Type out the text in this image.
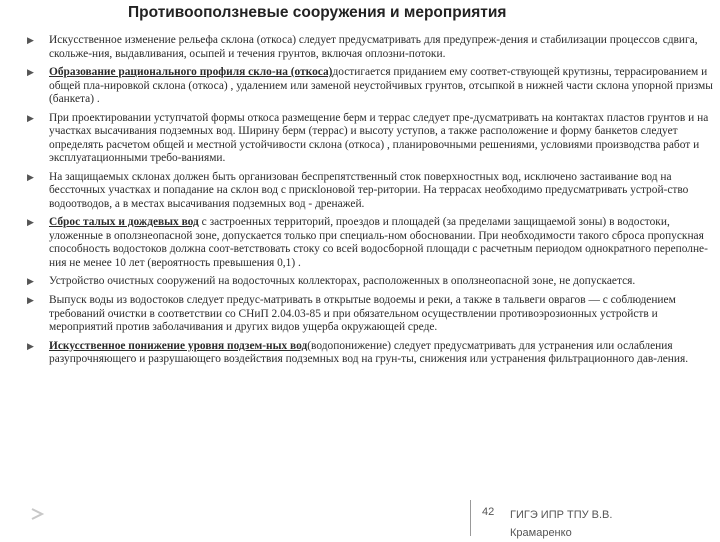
Противооползневые сооружения и мероприятия
▶	Искусственное изменение рельефа склона (откоса) следует предусматривать для предупреж-дения и стабилизации процессов сдвига, скольже-ния, выдавливания, осыпей и течения грунтов, включая оплозни-потоки.
▶	Образование рационального профиля скло-на (откоса)достигается приданием ему соответ-ствующей крутизны, террасированием и общей пла-нировкой склона (откоса) , удалением или заменой неустойчивых грунтов, отсыпкой в нижней части склона упорной призмы (банкета) .
▶	При проектировании уступчатой формы откоса размещение берм и террас следует пре-дусматривать на контактах пластов грунтов и на участках высачивания подземных вод. Ширину берм (террас) и высоту уступов, а также расположение и форму банкетов следует определять расчетом общей и местной устойчивости склона (откоса) , планировочными решениями, условиями производства работ и эксплуатационными требо-ваниями.
▶	На защищаемых склонах должен быть организован беспрепятственный сток поверхностных вод, исключено застаивание вод на бессточных участках и попадание на склон вод с прискloновой тер-ритории. На террасах необходимо предусматривать устрой-ство водоотводов, а в местах высачивания подземных вод - дренажей.
▶	Сброс талых и дождевых вод с застроенных территорий, проездов и площадей (за пределами защищаемой зоны) в водостоки, уложенные в оползнеопасной зоне, допускается только при специаль-ном обосновании. При необходимости такого сброса пропускная способность водостоков должна соот-ветствовать стоку со всей водосборной площади с расчетным периодом однократного переполне-ния не менее 10 лет (вероятность превышения 0,1) .
▶	Устройство очистных сооружений на водосточных коллекторах, расположенных в оползнеопасной зоне, не допускается.
▶	Выпуск воды из водостоков следует предус-матривать в открытые водоемы и реки, а также в тальвеги оврагов — с соблюдением требований очистки в соответствии со СНиП 2.04.03-85 и при обязательном осуществлении противоэрозионных устройств и мероприятий против заболачивания и других видов ущерба окружающей среде.
▶	Искусственное понижение уровня подзем-ных вод(водопонижение) следует предусматривать для устранения или ослабления разупрочняющего и разрушающего воздействия подземных вод на грун-ты, снижения или устранения фильтрационного дав-ления.
42 ГИГЭ ИПР ТПУ В.В.
Крамаренко
